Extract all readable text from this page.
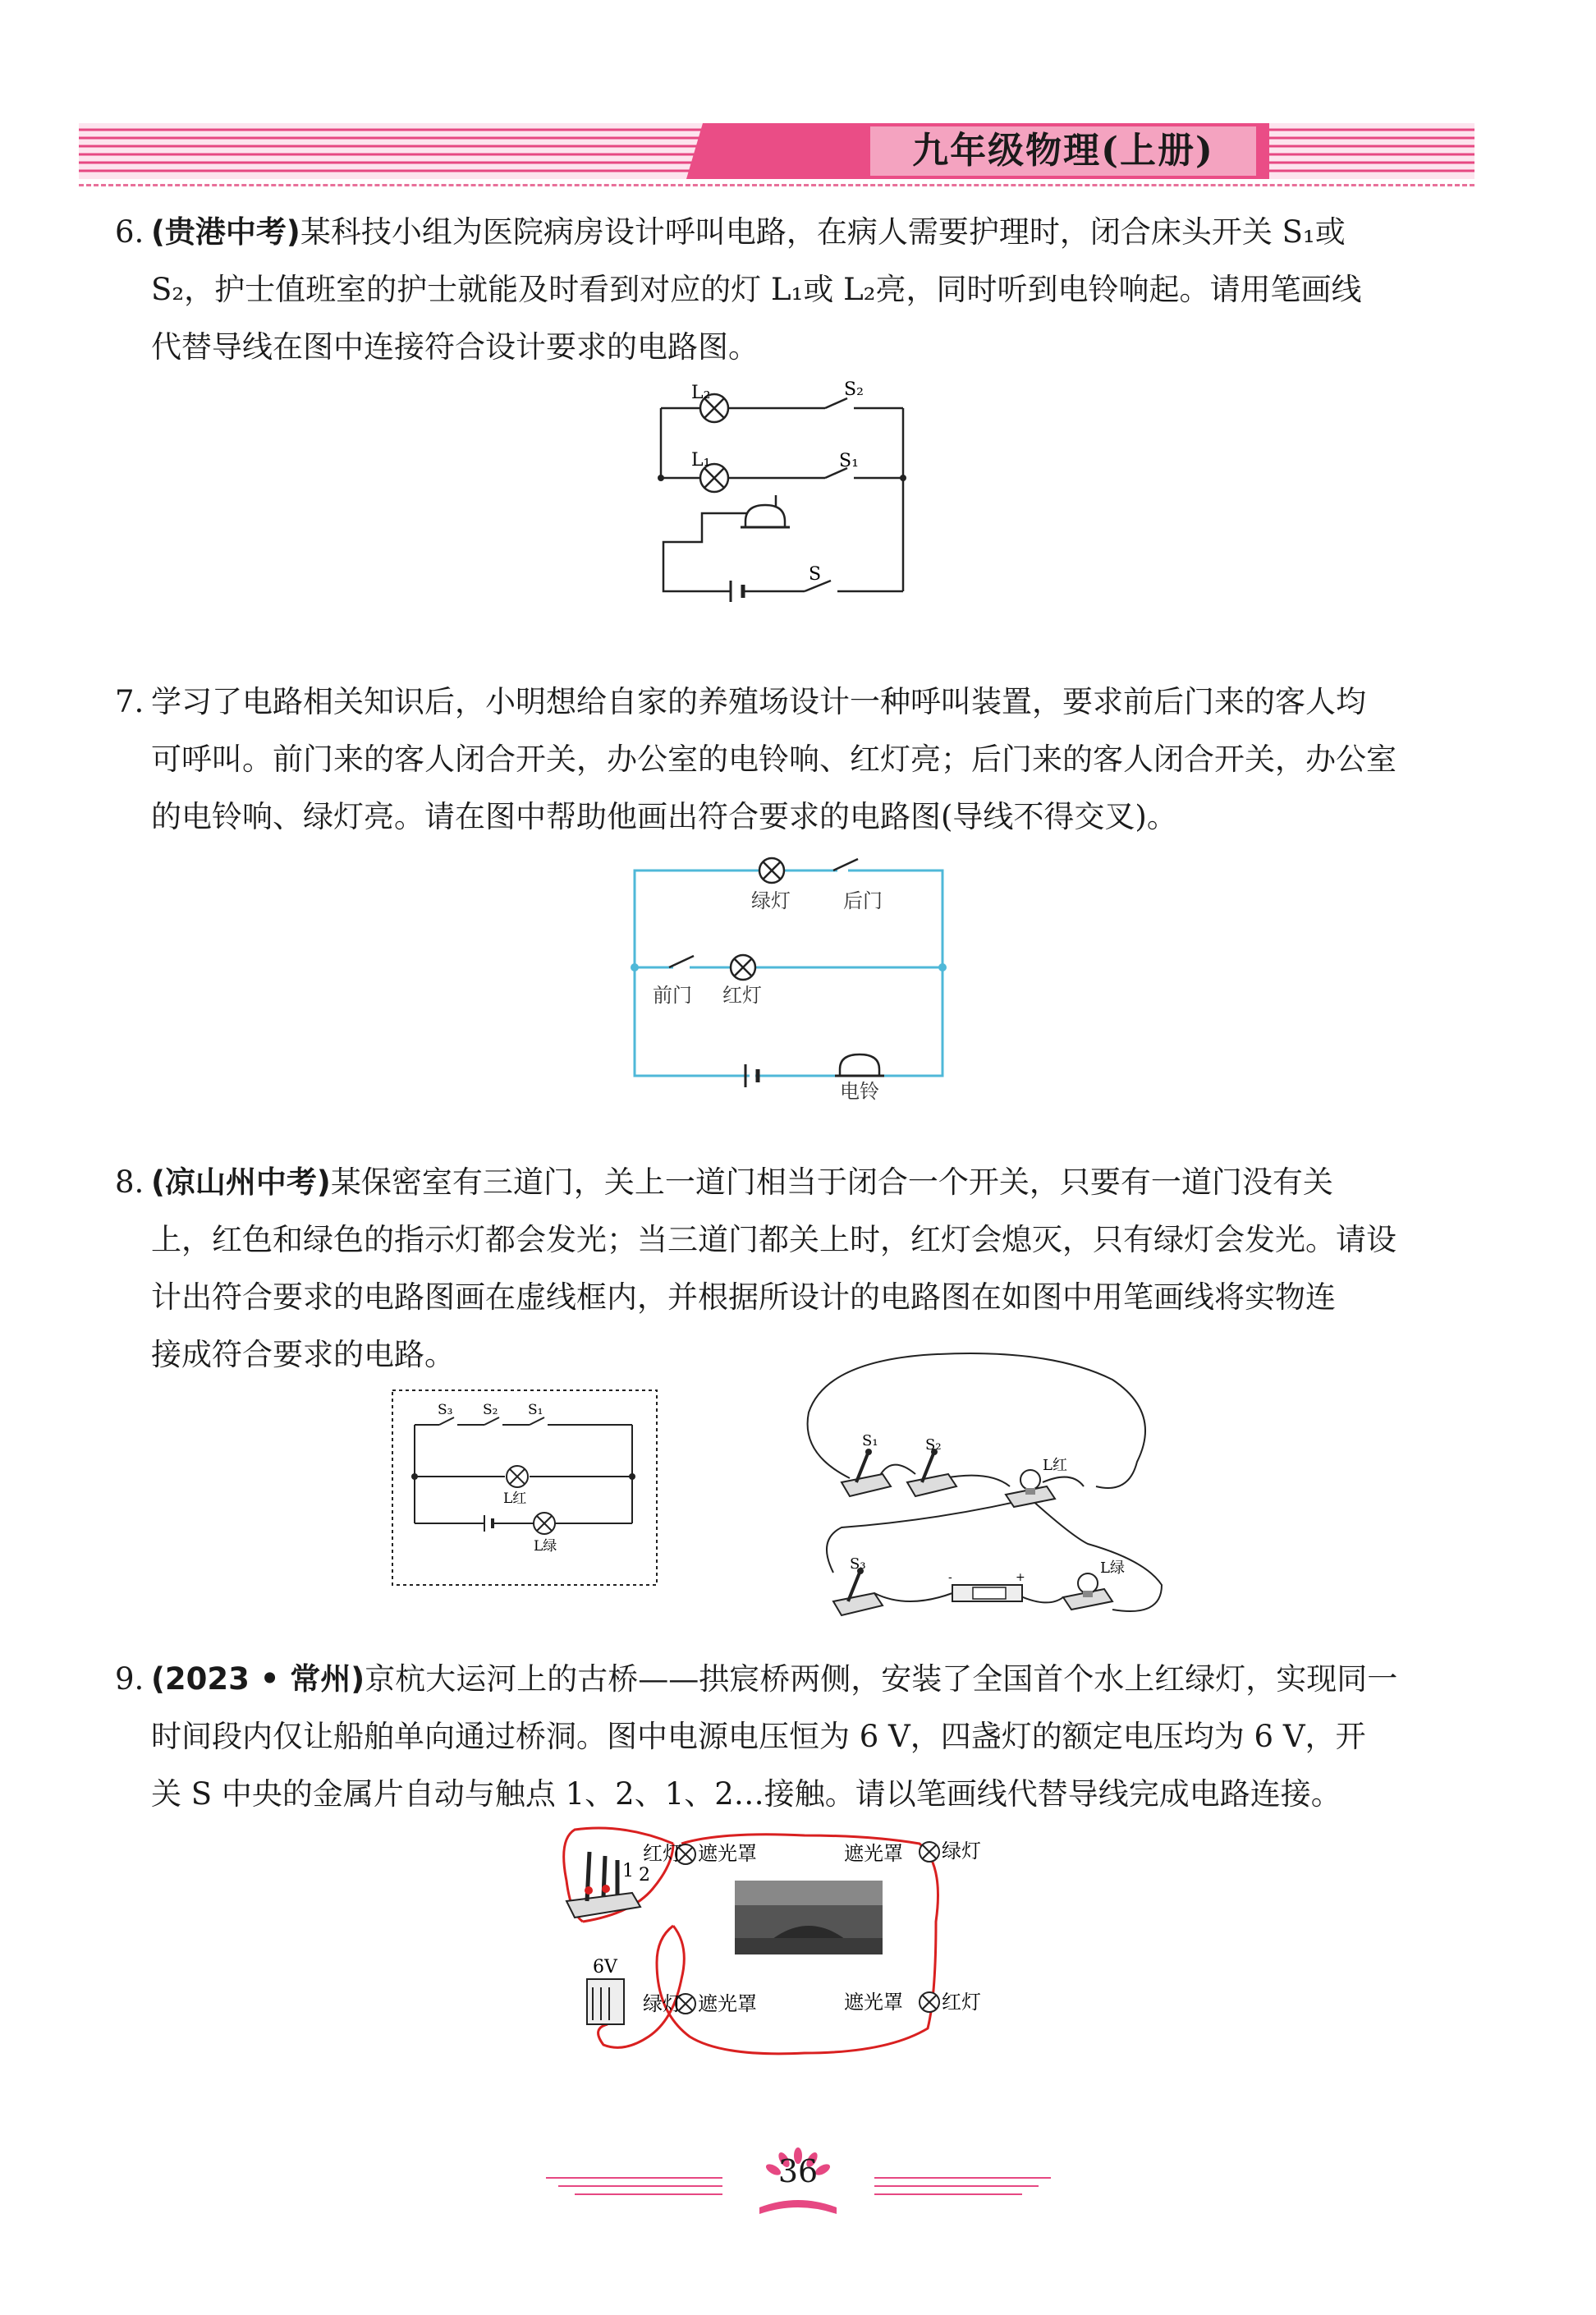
九年级物理(上册)
6. (贵港中考)某科技小组为医院病房设计呼叫电路，在病人需要护理时，闭合床头开关 S₁或
S₂，护士值班室的护士就能及时看到对应的灯 L₁或 L₂亮，同时听到电铃响起。请用笔画线
代替导线在图中连接符合设计要求的电路图。
L₂	S₂
L₁	S₁
S
7. 学习了电路相关知识后，小明想给自家的养殖场设计一种呼叫装置，要求前后门来的客人均
可呼叫。前门来的客人闭合开关，办公室的电铃响、红灯亮；后门来的客人闭合开关，办公室
的电铃响、绿灯亮。请在图中帮助他画出符合要求的电路图(导线不得交叉)。
绿灯	后门
前门 红灯
电铃
8. (凉山州中考)某保密室有三道门，关上一道门相当于闭合一个开关，只要有一道门没有关
上，红色和绿色的指示灯都会发光；当三道门都关上时，红灯会熄灭，只有绿灯会发光。请设
计出符合要求的电路图画在虚线框内，并根据所设计的电路图在如图中用笔画线将实物连
接成符合要求的电路。
S₃ S₂ S₁
L红
L绿
-	+
S₁	S₂
L红
S₃	L绿
9. (2023 • 常州)京杭大运河上的古桥——拱宸桥两侧，安装了全国首个水上红绿灯，实现同一
时间段内仅让船舶单向通过桥洞。图中电源电压恒为 6 V，四盏灯的额定电压均为 6 V，开
关 S 中央的金属片自动与触点 1、2、1、2…接触。请以笔画线代替导线完成电路连接。
1 2
6V
红灯 遮光罩	遮光罩 绿灯
绿灯 遮光罩	遮光罩 红灯
36
